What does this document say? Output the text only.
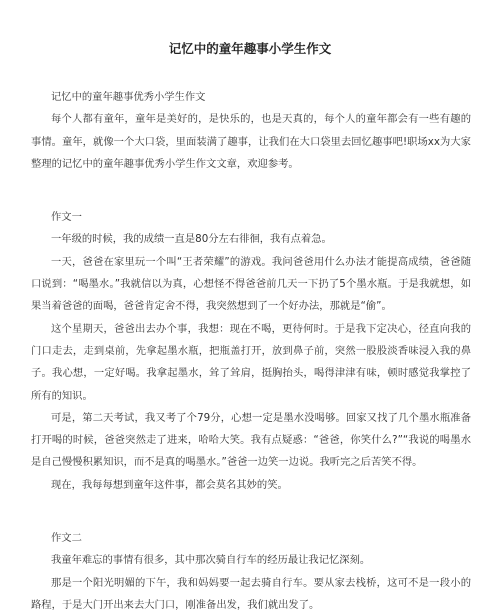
记忆中的童年趣事小学生作文

记忆中的童年趣事优秀小学生作文

每个人都有童年，童年是美好的，是快乐的，也是天真的，每个人的童年都会有一些有趣的事情。童年，就像一个大口袋，里面装满了趣事，让我们在大口袋里去回忆趣事吧!职场xx为大家整理的记忆中的童年趣事优秀小学生作文文章，欢迎参考。

作文一

一年级的时候，我的成绩一直是80分左右徘徊，我有点着急。

一天，爸爸在家里玩一个叫“王者荣耀”的游戏。我问爸爸用什么办法才能提高成绩，爸爸随口说到：“喝墨水。”我就信以为真，心想怪不得爸爸前几天一下扔了5个墨水瓶。于是我就想，如果当着爸爸的面喝，爸爸肯定舍不得，我突然想到了一个好办法，那就是“偷”。

这个星期天，爸爸出去办个事，我想：现在不喝，更待何时。于是我下定决心，径直向我的门口走去，走到桌前，先拿起墨水瓶，把瓶盖打开，放到鼻子前，突然一股股淡香味浸入我的鼻子。我心想，一定好喝。我拿起墨水，耸了耸肩，挺胸抬头，喝得津津有味，顿时感觉我掌控了所有的知识。

可是，第二天考试，我又考了个79分，心想一定是墨水没喝够。回家又找了几个墨水瓶准备打开喝的时候，爸爸突然走了进来，哈哈大笑。我有点疑惑：“爸爸，你笑什么?”“我说的喝墨水是自己慢慢积累知识，而不是真的喝墨水。”爸爸一边笑一边说。我听完之后苦笑不得。

现在，我每每想到童年这件事，都会莫名其妙的笑。

作文二

我童年难忘的事情有很多，其中那次骑自行车的经历最让我记忆深刻。

那是一个阳光明媚的下午，我和妈妈要一起去骑自行车。要从家去栈桥，这可不是一段小的路程，于是大门开出来去大门口，刚准备出发，我们就出发了。
